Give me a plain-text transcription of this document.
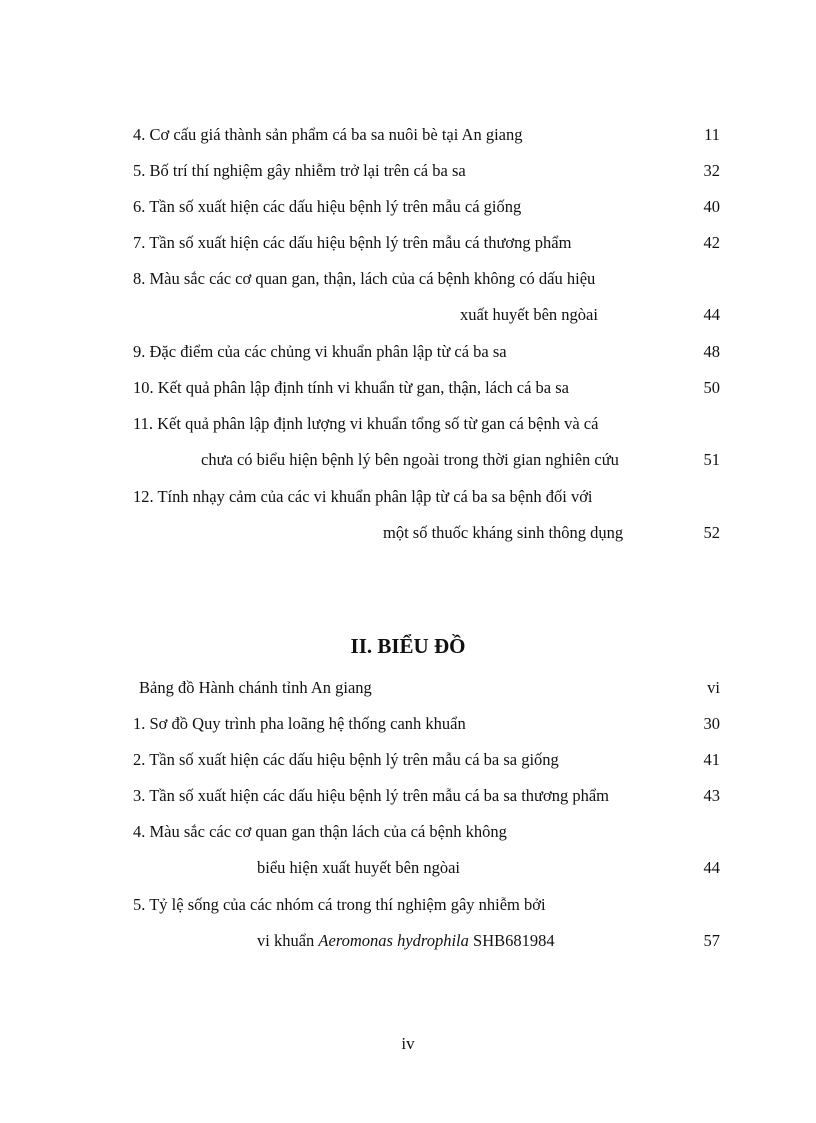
4. Cơ cấu giá thành sản phẩm cá ba sa nuôi bè tại An giang	11
5. Bố trí thí nghiệm gây nhiễm trở lại trên cá ba sa	32
6. Tần số xuất hiện các dấu hiệu bệnh lý trên mẫu cá giống	40
7. Tần số xuất hiện các dấu hiệu bệnh lý trên mẫu cá thương phẩm	42
8. Màu sắc các cơ quan gan, thận, lách của cá bệnh không có dấu hiệu
xuất huyết bên ngòai	44
9. Đặc điểm của các chủng vi khuẩn phân lập từ cá ba sa	48
10. Kết quả phân lập định tính vi khuẩn từ gan, thận, lách cá ba sa	50
11. Kết quả phân lập định lượng vi khuẩn tổng số từ gan cá bệnh và cá
chưa có biểu hiện bệnh lý bên ngoài trong thời gian nghiên cứu	51
12. Tính nhạy cảm của các vi khuẩn phân lập từ cá ba sa bệnh đối với
một số thuốc kháng sinh thông dụng	52
II. BIỂU ĐỒ
Bảng đồ Hành chánh tỉnh An giang	vi
1. Sơ đồ Quy trình pha loãng hệ thống canh khuẩn	30
2. Tần số xuất hiện các dấu hiệu bệnh lý trên mẫu cá ba sa giống	41
3. Tần số xuất hiện các dấu hiệu bệnh lý trên mẫu cá ba sa thương phẩm	43
4. Màu sắc các cơ quan gan thận lách của cá bệnh không
biểu hiện xuất huyết bên ngòai	44
5. Tỷ lệ sống của các nhóm cá trong thí nghiệm gây nhiễm bởi
vi khuẩn Aeromonas hydrophila SHB681984	57
iv
